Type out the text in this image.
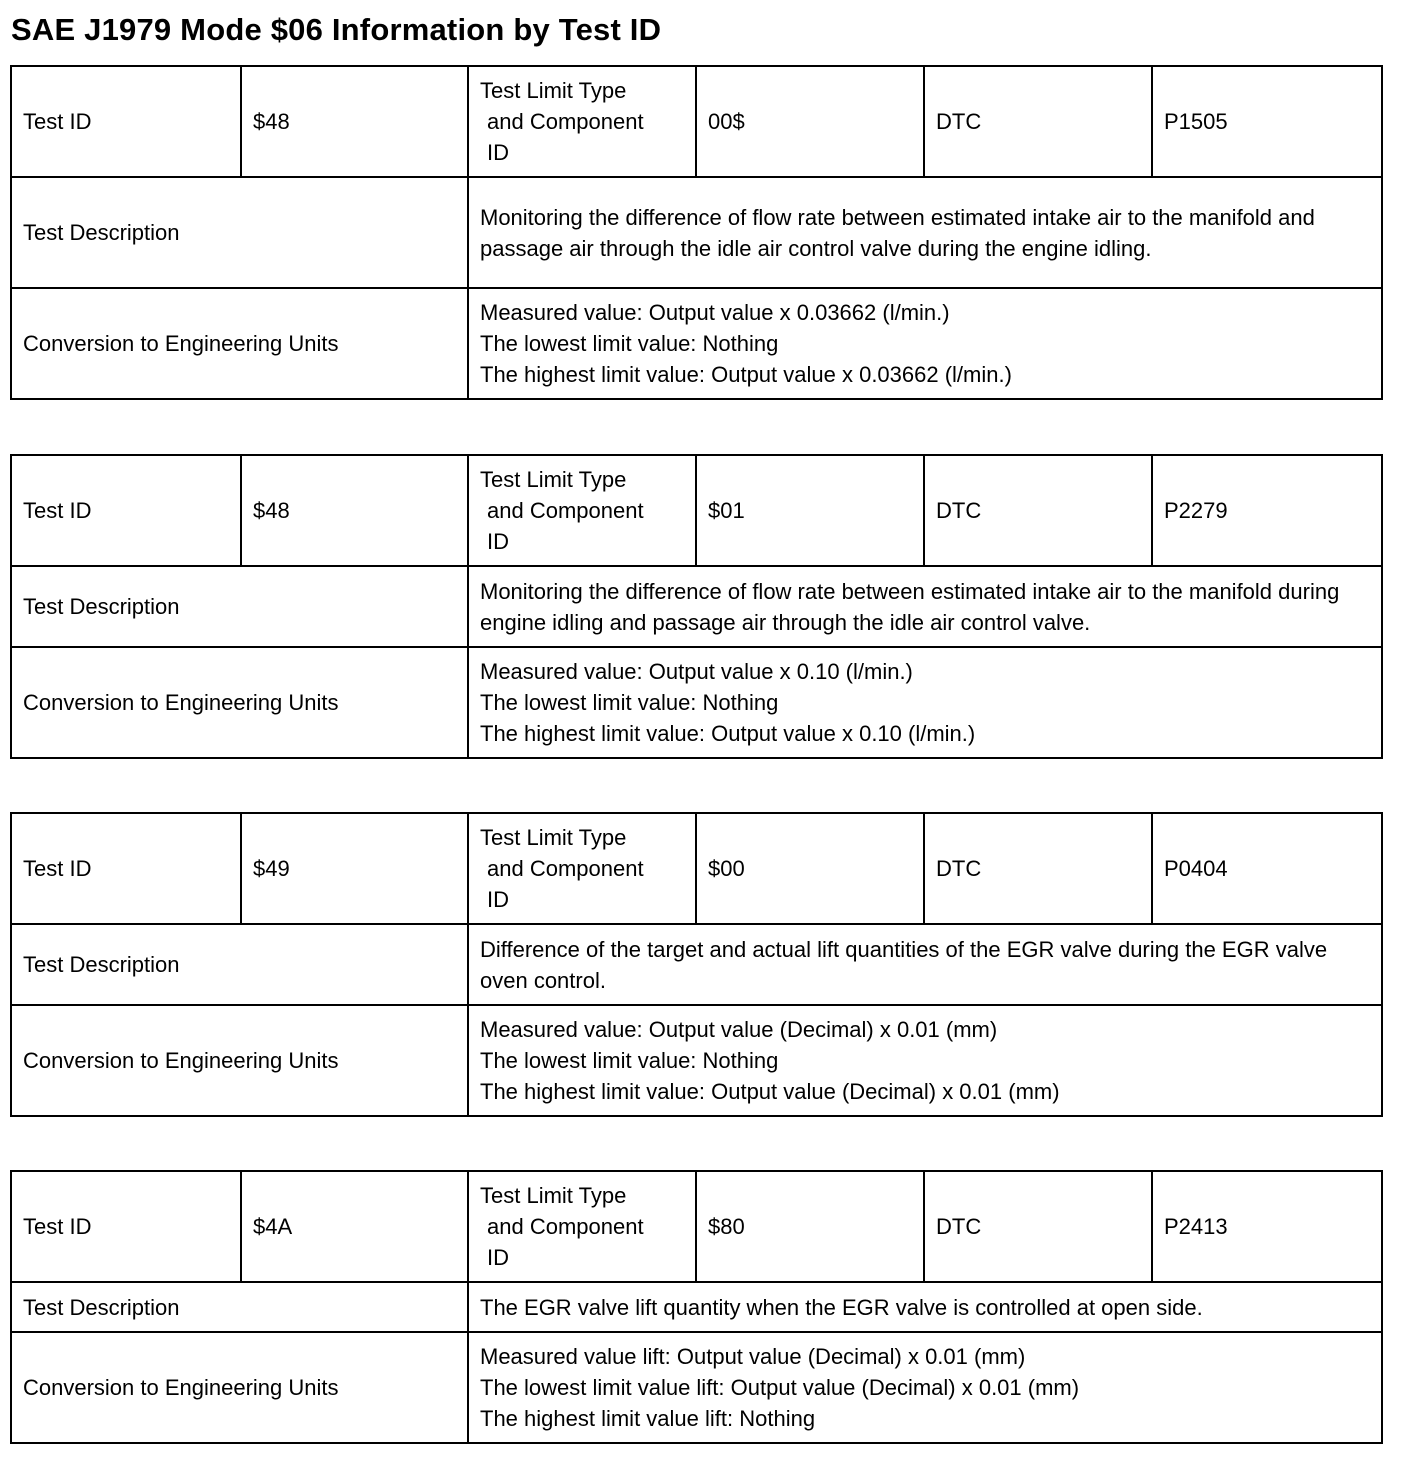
SAE J1979 Mode $06 Information by Test ID
Test ID	$48	Test Limit Type
and Component
ID	00$	DTC	P1505
Test Description		Monitoring the difference of flow rate between estimated intake air to the manifold and passage air through the idle air control valve during the engine idling.			
Conversion to Engineering Units		Measured value: Output value x 0.03662 (l/min.)
The lowest limit value: Nothing
The highest limit value: Output value x 0.03662 (l/min.)			
Test ID	$48	Test Limit Type
and Component
ID	$01	DTC	P2279
Test Description		Monitoring the difference of flow rate between estimated intake air to the manifold during engine idling and passage air through the idle air control valve.			
Conversion to Engineering Units		Measured value: Output value x 0.10 (l/min.)
The lowest limit value: Nothing
The highest limit value: Output value x 0.10 (l/min.)			
Test ID	$49	Test Limit Type
and Component
ID	$00	DTC	P0404
Test Description		Difference of the target and actual lift quantities of the EGR valve during the EGR valve oven control.			
Conversion to Engineering Units		Measured value: Output value (Decimal) x 0.01 (mm)
The lowest limit value: Nothing
The highest limit value: Output value (Decimal) x 0.01 (mm)			
Test ID	$4A	Test Limit Type
and Component
ID	$80	DTC	P2413
Test Description		The EGR valve lift quantity when the EGR valve is controlled at open side.			
Conversion to Engineering Units		Measured value lift: Output value (Decimal) x 0.01 (mm)
The lowest limit value lift: Output value (Decimal) x 0.01 (mm)
The highest limit value lift: Nothing			
